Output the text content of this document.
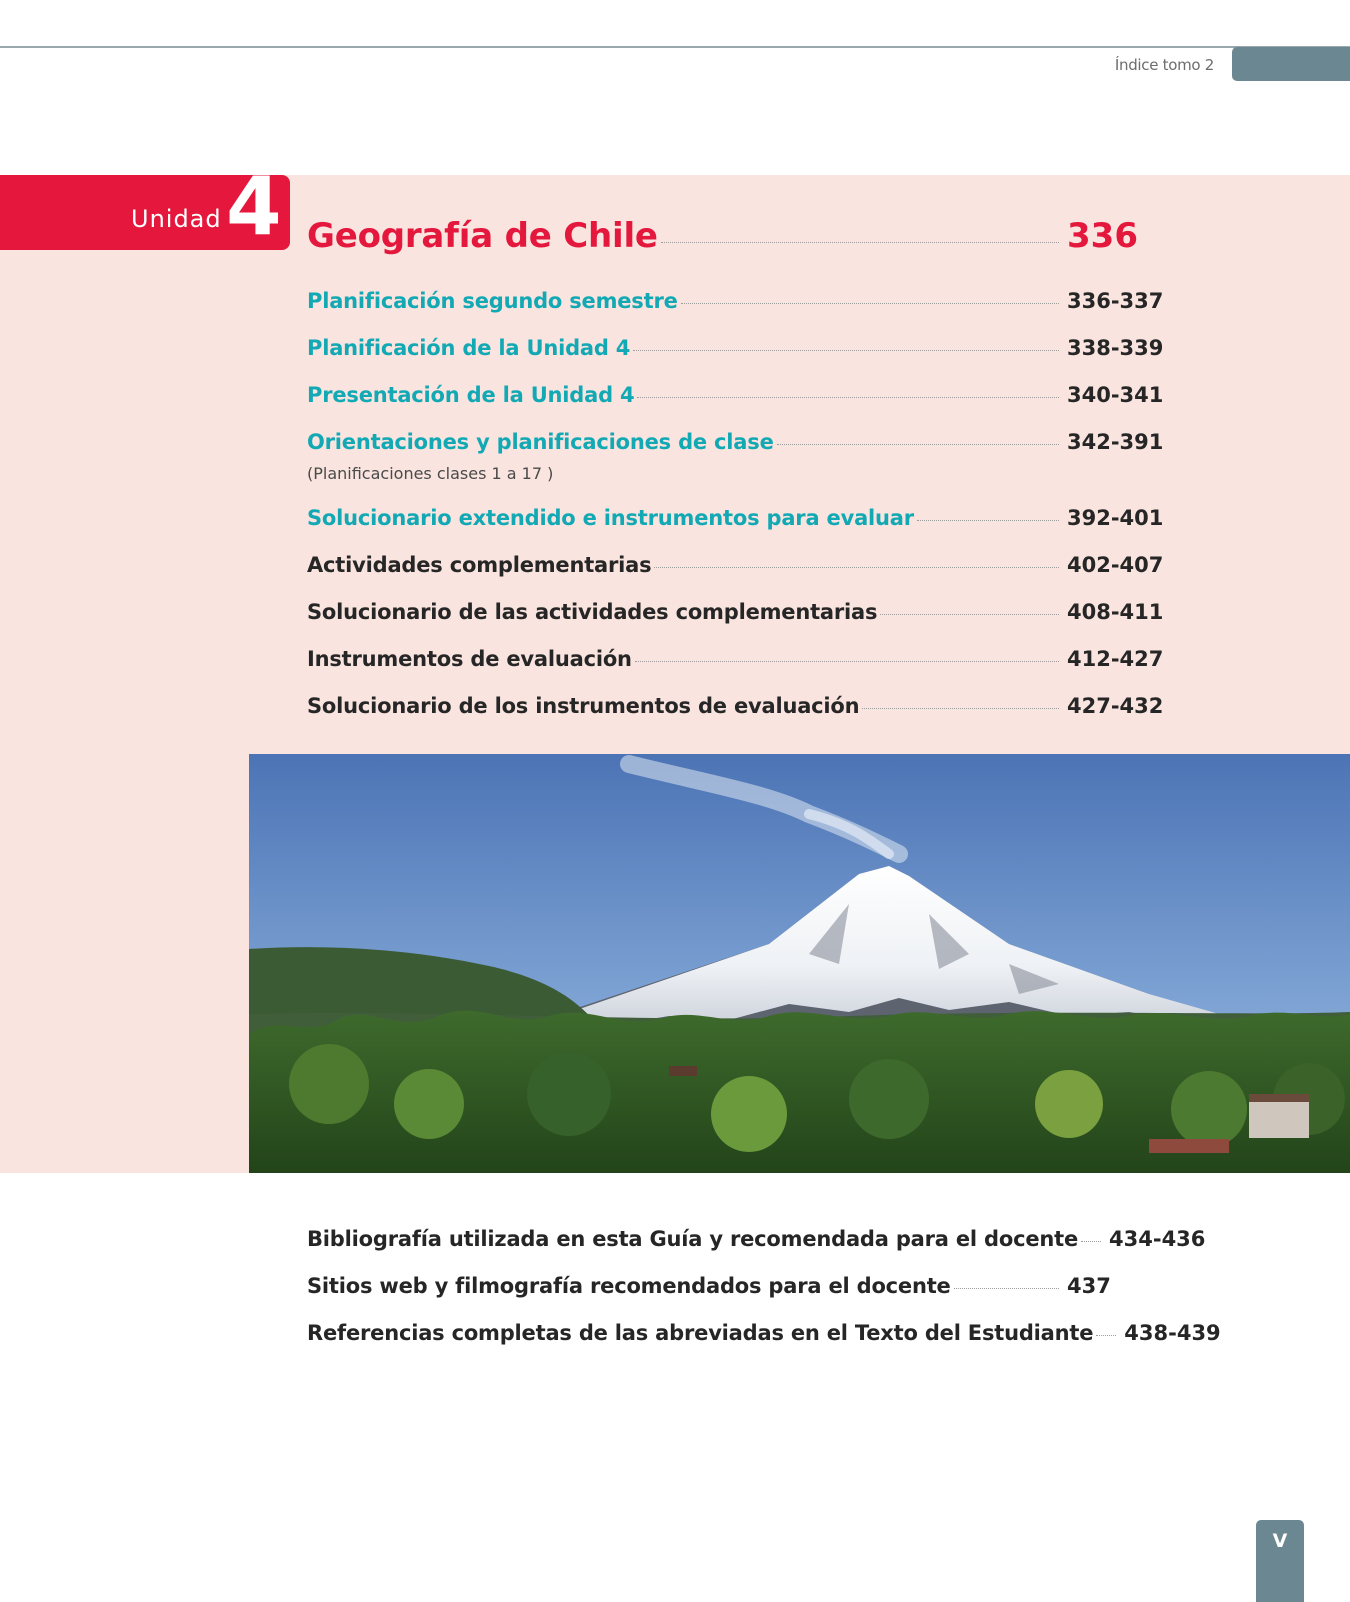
Índice tomo 2
Unidad 4 Geografía de Chile	336
Planificación segundo semestre	336-337
Planificación de la Unidad 4	338-339
Presentación de la Unidad 4	340-341
Orientaciones y planificaciones de clase	342-391
(Planificaciones clases 1 a 17 )
Solucionario extendido e instrumentos para evaluar	392-401
Actividades complementarias	402-407
Solucionario de las actividades complementarias	408-411
Instrumentos de evaluación	412-427
Solucionario de los instrumentos de evaluación	427-432
Bibliografía utilizada en esta Guía y recomendada para el docente 434-436
Sitios web y filmografía recomendados para el docente	437
Referencias completas de las abreviadas en el Texto del Estudiante 438-439
V
